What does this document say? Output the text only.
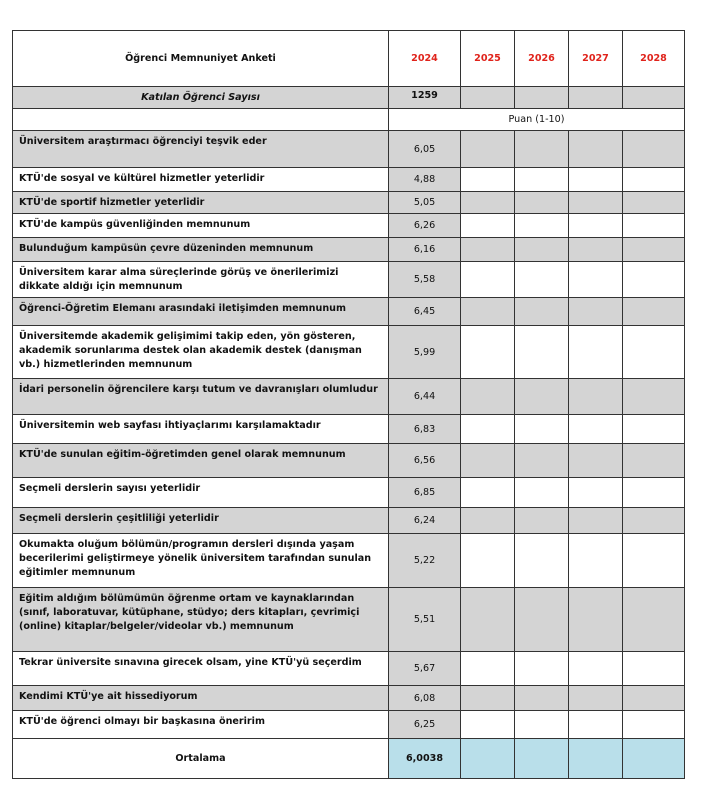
Öğrenci Memnuniyet Anketi	2024	2025	2026	2027	2028
Katılan Öğrenci Sayısı	1259				
	Puan (1-10)				
Üniversitem araştırmacı öğrenciyi teşvik eder	6,05				
KTÜ'de sosyal ve kültürel hizmetler yeterlidir	4,88				
KTÜ'de sportif hizmetler yeterlidir	5,05				
KTÜ'de kampüs güvenliğinden memnunum	6,26				
Bulunduğum kampüsün çevre düzeninden memnunum	6,16				
Üniversitem karar alma süreçlerinde görüş ve önerilerimizi dikkate aldığı için memnunum	5,58				
Öğrenci-Öğretim Elemanı arasındaki iletişimden memnunum	6,45				
Üniversitemde akademik gelişimimi takip eden, yön gösteren, akademik sorunlarıma destek olan akademik destek (danışman vb.) hizmetlerinden memnunum	5,99				
İdari personelin öğrencilere karşı tutum ve davranışları olumludur	6,44				
Üniversitemin web sayfası ihtiyaçlarımı karşılamaktadır	6,83				
KTÜ'de sunulan eğitim-öğretimden genel olarak memnunum	6,56				
Seçmeli derslerin sayısı yeterlidir	6,85				
Seçmeli derslerin çeşitliliği yeterlidir	6,24				
Okumakta oluğum bölümün/programın dersleri dışında yaşam becerilerimi geliştirmeye yönelik üniversitem tarafından sunulan eğitimler memnunum	5,22				
Eğitim aldığım bölümümün öğrenme ortam ve kaynaklarından (sınıf, laboratuvar, kütüphane, stüdyo; ders kitapları, çevrimiçi (online) kitaplar/belgeler/videolar vb.) memnunum	5,51				
Tekrar üniversite sınavına girecek olsam, yine KTÜ'yü seçerdim	5,67				
Kendimi KTÜ'ye ait hissediyorum	6,08				
KTÜ'de öğrenci olmayı bir başkasına öneririm	6,25				
Ortalama	6,0038				
